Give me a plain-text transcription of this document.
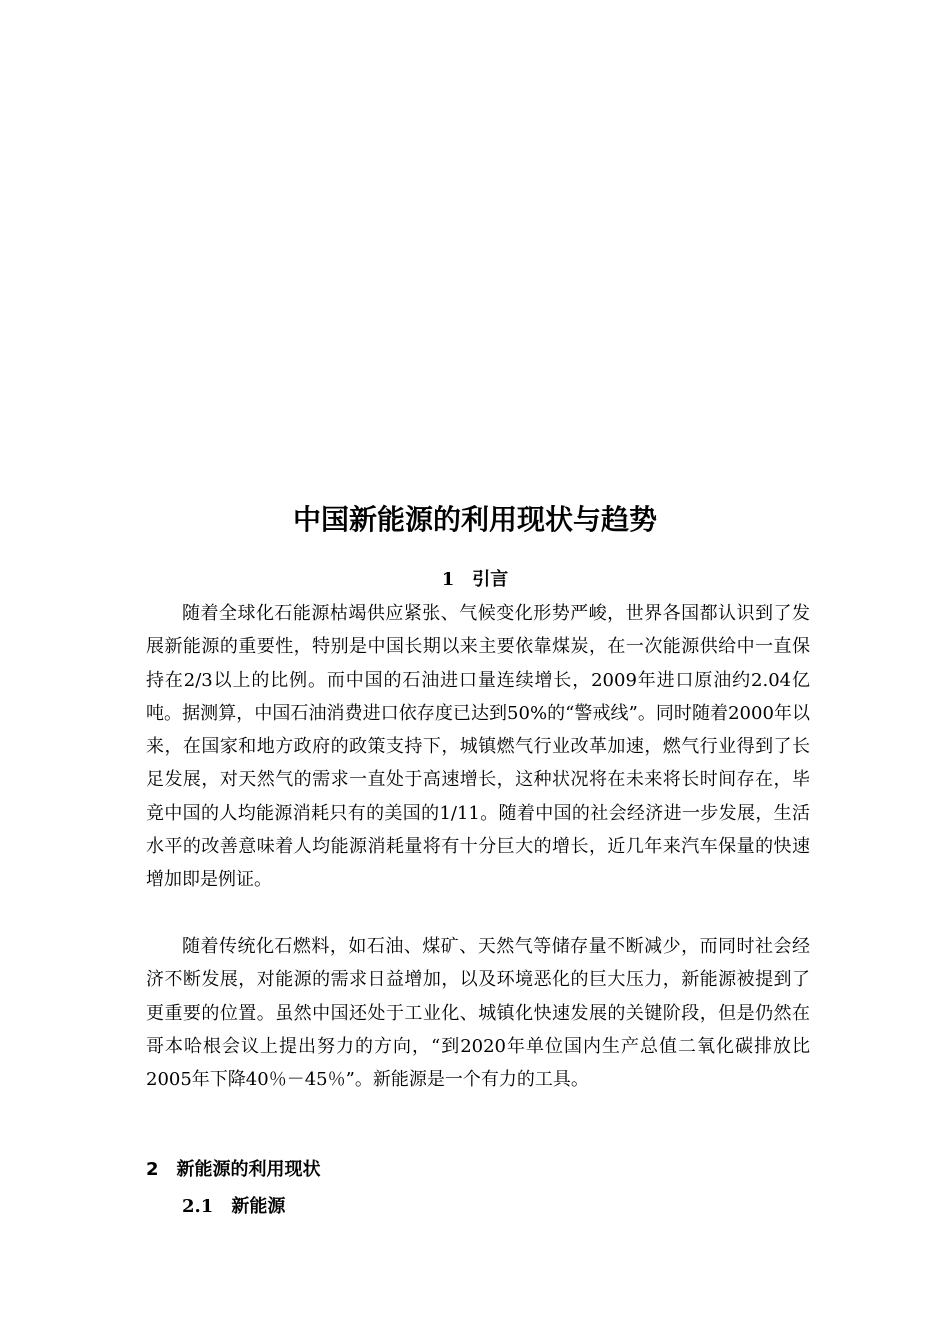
中国新能源的利用现状与趋势
1 引言

随着全球化石能源枯竭供应紧张、气候变化形势严峻，世界各国都认识到了发展新能源的重要性，特别是中国长期以来主要依靠煤炭，在一次能源供给中一直保持在2/3以上的比例。而中国的石油进口量连续增长，2009年进口原油约2.04亿吨。据测算，中国石油消费进口依存度已达到50%的“警戒线”。同时随着2000年以来，在国家和地方政府的政策支持下，城镇燃气行业改革加速，燃气行业得到了长足发展，对天然气的需求一直处于高速增长，这种状况将在未来将长时间存在，毕竟中国的人均能源消耗只有的美国的1/11。随着中国的社会经济进一步发展，生活水平的改善意味着人均能源消耗量将有十分巨大的增长，近几年来汽车保量的快速增加即是例证。

随着传统化石燃料，如石油、煤矿、天然气等储存量不断减少，而同时社会经济不断发展，对能源的需求日益增加，以及环境恶化的巨大压力，新能源被提到了更重要的位置。虽然中国还处于工业化、城镇化快速发展的关键阶段，但是仍然在哥本哈根会议上提出努力的方向，“到2020年单位国内生产总值二氧化碳排放比2005年下降40％－45％”。新能源是一个有力的工具。

2 新能源的利用现状
2.1 新能源
